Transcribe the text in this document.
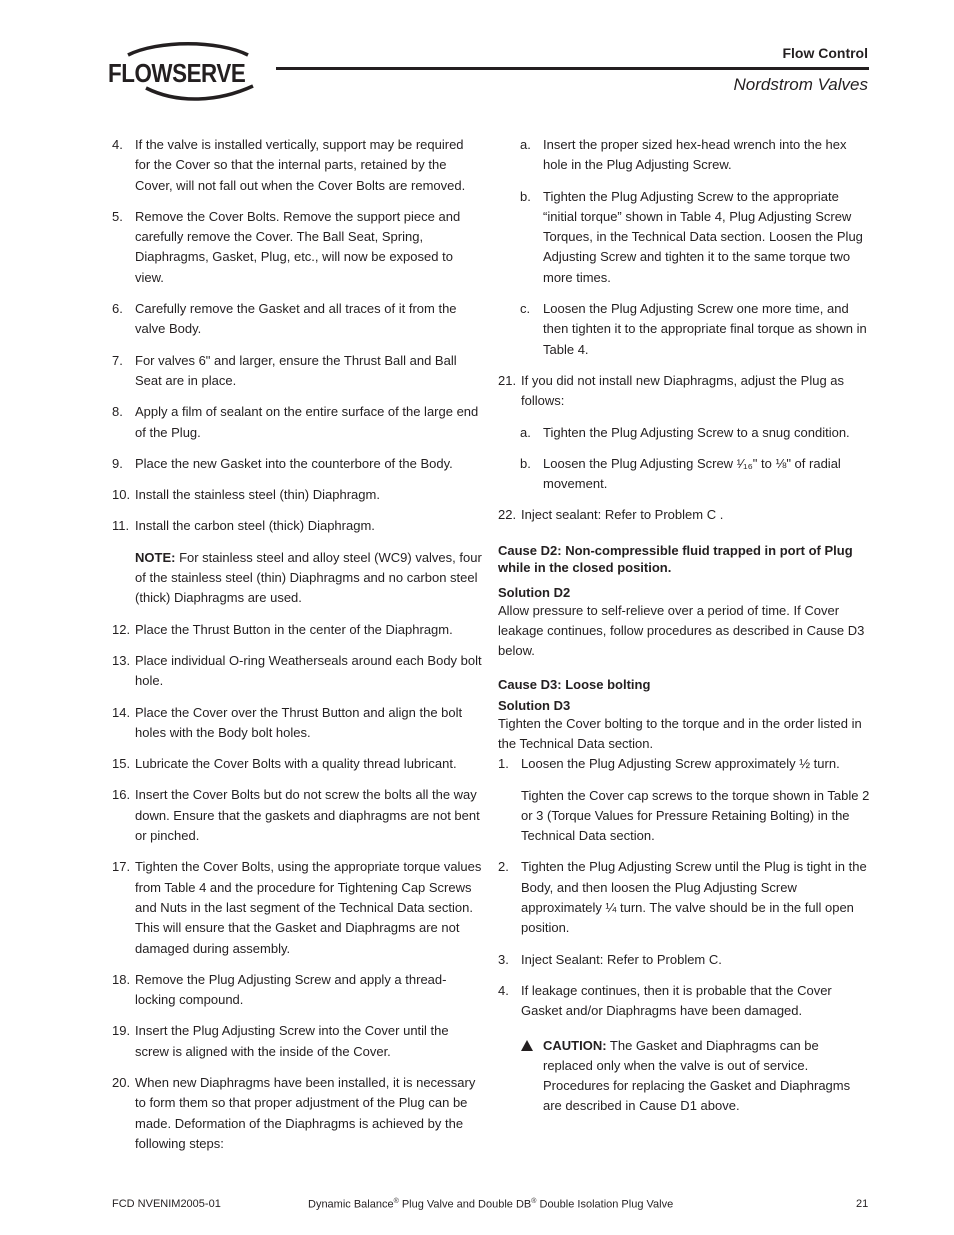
FLOWSERVE
Flow Control
Nordstrom Valves
4. If the valve is installed vertically, support may be required for the Cover so that the internal parts, retained by the Cover, will not fall out when the Cover Bolts are removed.

5. Remove the Cover Bolts. Remove the support piece and carefully remove the Cover. The Ball Seat, Spring, Diaphragms, Gasket, Plug, etc., will now be exposed to view.

6. Carefully remove the Gasket and all traces of it from the valve Body.

7. For valves 6" and larger, ensure the Thrust Ball and Ball Seat are in place.

8. Apply a film of sealant on the entire surface of the large end of the Plug.

9. Place the new Gasket into the counterbore of the Body.

10. Install the stainless steel (thin) Diaphragm.

11. Install the carbon steel (thick) Diaphragm.

NOTE: For stainless steel and alloy steel (WC9) valves, four of the stainless steel (thin) Diaphragms and no carbon steel (thick) Diaphragms are used.
12. Place the Thrust Button in the center of the Diaphragm.

13. Place individual O-ring Weatherseals around each Body bolt hole.

14. Place the Cover over the Thrust Button and align the bolt holes with the Body bolt holes.

15. Lubricate the Cover Bolts with a quality thread lubricant.

16. Insert the Cover Bolts but do not screw the bolts all the way down. Ensure that the gaskets and diaphragms are not bent or pinched.

17. Tighten the Cover Bolts, using the appropriate torque values from Table 4 and the procedure for Tightening Cap Screws and Nuts in the last segment of the Technical Data section. This will ensure that the Gasket and Diaphragms are not damaged during assembly.

18. Remove the Plug Adjusting Screw and apply a thread-locking compound.

19. Insert the Plug Adjusting Screw into the Cover until the screw is aligned with the inside of the Cover.

20. When new Diaphragms have been installed, it is necessary to form them so that proper adjustment of the Plug can be made. Deformation of the Diaphragms is achieved by the following steps:

a. Insert the proper sized hex-head wrench into the hex hole in the Plug Adjusting Screw.

b. Tighten the Plug Adjusting Screw to the appropriate “initial torque” shown in Table 4, Plug Adjusting Screw Torques, in the Technical Data section. Loosen the Plug Adjusting Screw and tighten it to the same torque two more times.

c. Loosen the Plug Adjusting Screw one more time, and then tighten it to the appropriate final torque as shown in Table 4.

21. If you did not install new Diaphragms, adjust the Plug as follows:

a. Tighten the Plug Adjusting Screw to a snug condition.

b. Loosen the Plug Adjusting Screw ¹⁄₁₆" to ⅛" of radial movement.

22. Inject sealant: Refer to Problem C .

Cause D2: Non-compressible fluid trapped in port of Plug while in the closed position.

Solution D2

Allow pressure to self-relieve over a period of time. If Cover leakage continues, follow procedures as described in Cause D3 below.

Cause D3: Loose bolting

Solution D3

Tighten the Cover bolting to the torque and in the order listed in the Technical Data section.

1. Loosen the Plug Adjusting Screw approximately ½ turn.

Tighten the Cover cap screws to the torque shown in Table 2 or 3 (Torque Values for Pressure Retaining Bolting) in the Technical Data section.
2. Tighten the Plug Adjusting Screw until the Plug is tight in the Body, and then loosen the Plug Adjusting Screw approximately ¼ turn. The valve should be in the full open position.

3. Inject Sealant: Refer to Problem C.

4. If leakage continues, then it is probable that the Cover Gasket and/or Diaphragms have been damaged.

CAUTION: The Gasket and Diaphragms can be replaced only when the valve is out of service. Procedures for replacing the Gasket and Diaphragms are described in Cause D1 above.
FCD NVENIM2005-01	Dynamic Balance® Plug Valve and Double DB® Double Isolation Plug Valve	21
